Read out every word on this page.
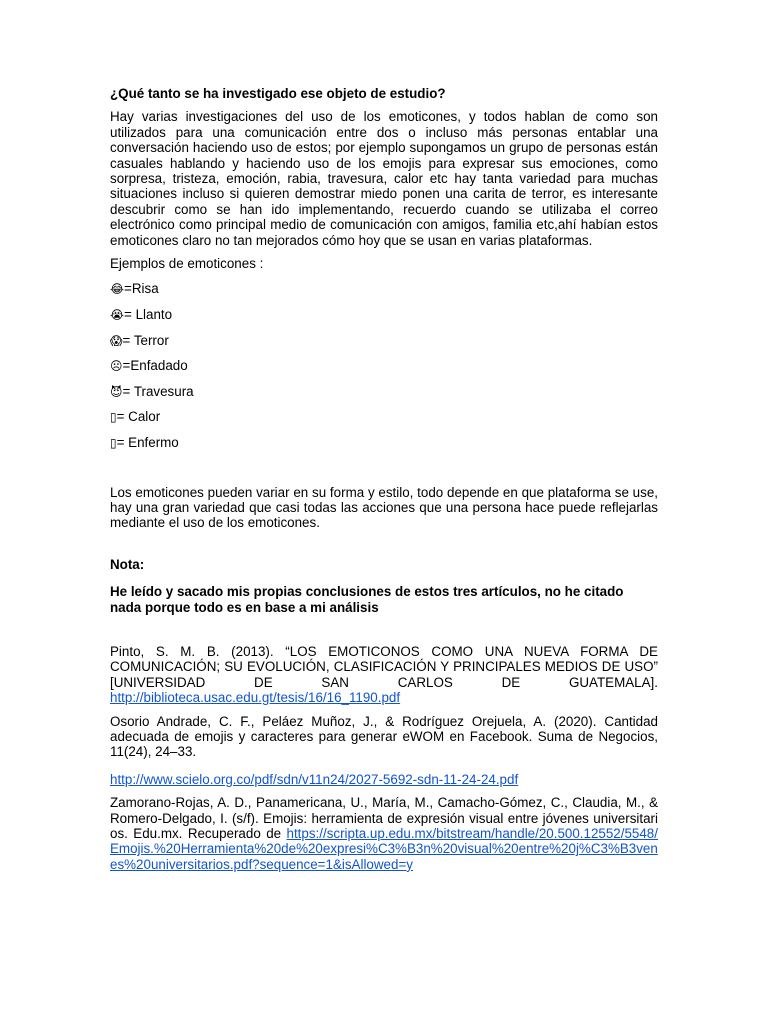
¿Qué tanto se ha investigado ese objeto de estudio?

Hay varias investigaciones del uso de los emoticones, y todos hablan de como son utilizados para una comunicación entre dos o incluso más personas entablar una conversación haciendo uso de estos; por ejemplo supongamos un grupo de personas están casuales hablando y haciendo uso de los emojis para expresar sus emociones, como sorpresa, tristeza, emoción, rabia, travesura, calor etc hay tanta variedad para muchas situaciones incluso si quieren demostrar miedo ponen una carita de terror, es interesante descubrir como se han ido implementando, recuerdo cuando se utilizaba el correo electrónico como principal medio de comunicación con amigos, familia etc,ahí habían estos emoticones claro no tan mejorados cómo hoy que se usan en varias plataformas.

Ejemplos de emoticones :

😂=Risa
😭= Llanto
😱= Terror
☹=Enfadado
😈= Travesura
▯= Calor
▯= Enfermo

Los emoticones pueden variar en su forma y estilo, todo depende en que plataforma se use, hay una gran variedad que casi todas las acciones que una persona hace puede reflejarlas mediante el uso de los emoticones.

Nota:

He leído y sacado mis propias conclusiones de estos tres artículos, no he citado nada porque todo es en base a mi análisis

Pinto, S. M. B. (2013). “LOS EMOTICONOS COMO UNA NUEVA FORMA DE COMUNICACIÓN; SU EVOLUCIÓN, CLASIFICACIÓN Y PRINCIPALES MEDIOS DE USO” [UNIVERSIDAD DE SAN CARLOS DE GUATEMALA]. http://biblioteca.usac.edu.gt/tesis/16/16_1190.pdf

Osorio Andrade, C. F., Peláez Muñoz, J., & Rodríguez Orejuela, A. (2020). Cantidad adecuada de emojis y caracteres para generar eWOM en Facebook. Suma de Negocios, 11(24), 24–33.

http://www.scielo.org.co/pdf/sdn/v11n24/2027-5692-sdn-11-24-24.pdf

Zamorano-Rojas, A. D., Panamericana, U., María, M., Camacho-Gómez, C., Claudia, M., & Romero-Delgado, I. (s/f). Emojis: herramienta de expresión visual entre jóvenes universitarios. Edu.mx. Recuperado de https://scripta.up.edu.mx/bitstream/handle/20.500.12552/5548/Emojis.%20Herramienta%20de%20expresi%C3%B3n%20visual%20entre%20j%C3%B3venes%20universitarios.pdf?sequence=1&isAllowed=y
